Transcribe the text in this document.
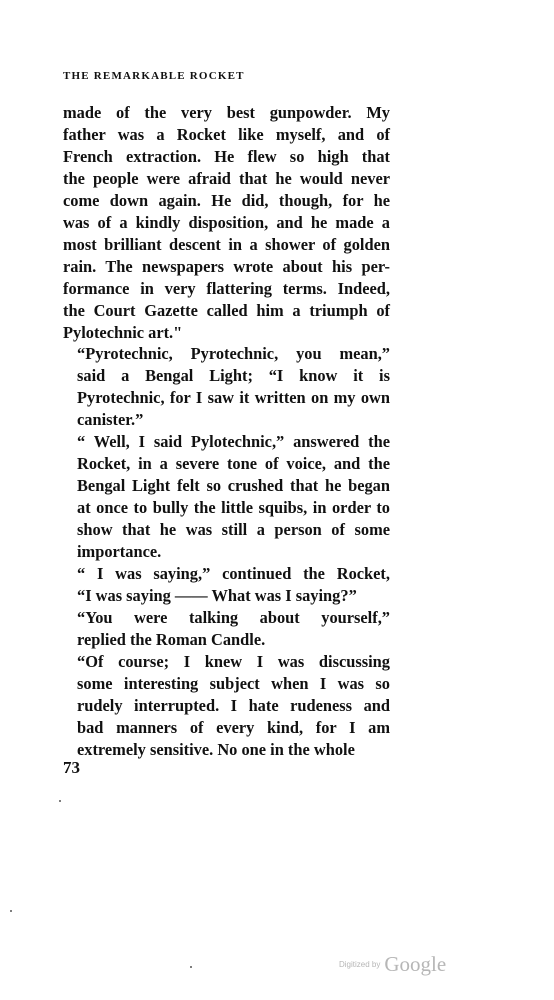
THE REMARKABLE ROCKET

made of the very best gunpowder. My
father was a Rocket like myself, and of
French extraction. He flew so high that
the people were afraid that he would never
come down again. He did, though, for he
was of a kindly disposition, and he made a
most brilliant descent in a shower of golden
rain. The newspapers wrote about his per-
formance in very flattering terms. Indeed,
the Court Gazette called him a triumph of
Pylotechnic art."

“Pyrotechnic, Pyrotechnic, you mean,”
said a Bengal Light; “I know it is
Pyrotechnic, for I saw it written on my own
canister.”

“ Well, I said Pylotechnic,” answered the
Rocket, in a severe tone of voice, and the
Bengal Light felt so crushed that he began
at once to bully the little squibs, in order to
show that he was still a person of some
importance.

“ I was saying,” continued the Rocket,
“I was saying —— What was I saying?”

“You were talking about yourself,”
replied the Roman Candle.

“Of course; I knew I was discussing
some interesting subject when I was so
rudely interrupted. I hate rudeness and
bad manners of every kind, for I am
extremely sensitive. No one in the whole

73
Digitized by Google
